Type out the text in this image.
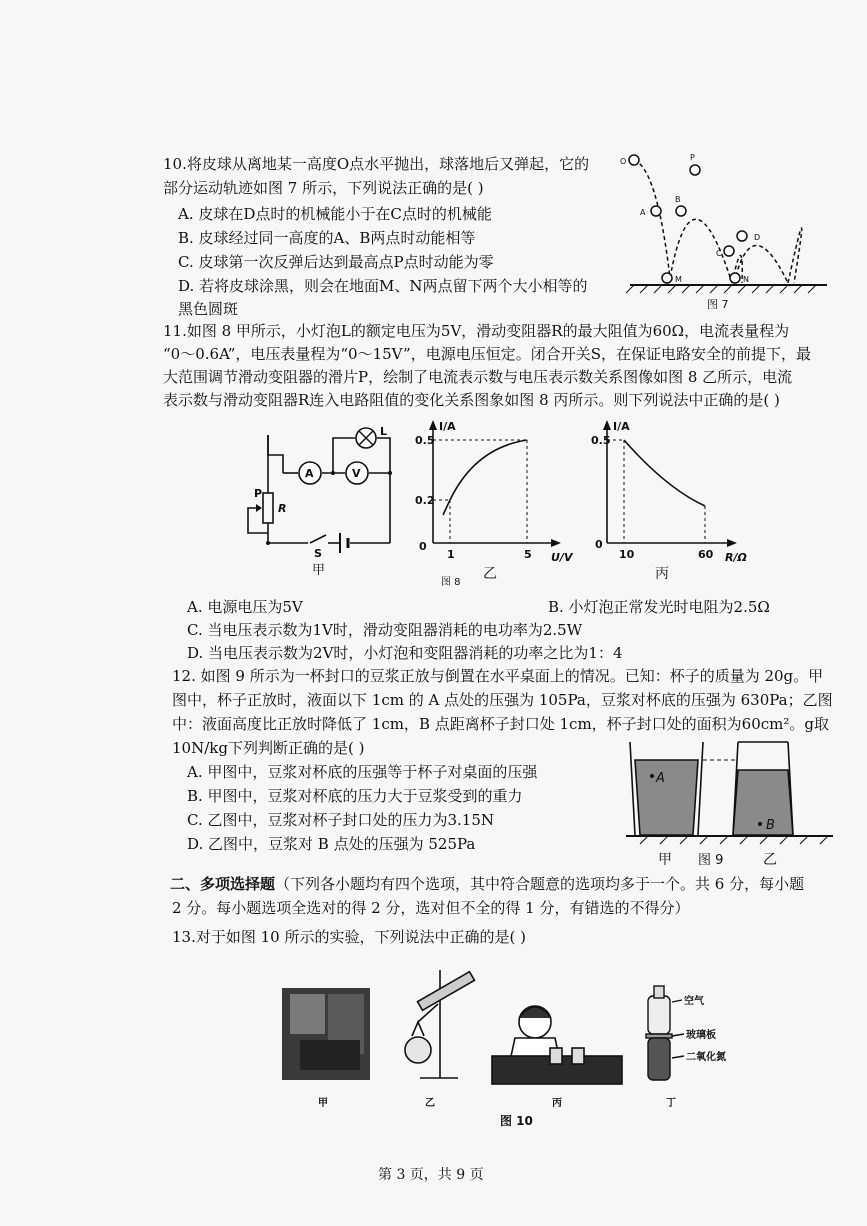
10.将皮球从离地某一高度O点水平抛出，球落地后又弹起，它的
部分运动轨迹如图 7 所示，下列说法正确的是( )
A. 皮球在D点时的机械能小于在C点时的机械能
B. 皮球经过同一高度的A、B两点时动能相等
C. 皮球第一次反弹后达到最高点P点时动能为零
D. 若将皮球涂黑，则会在地面M、N两点留下两个大小相等的
黑色圆斑
O	P
A
B
C
D
M	N
图 7
11.如图 8 甲所示，小灯泡L的额定电压为5V，滑动变阻器R的最大阻值为60Ω，电流表量程为
“0～0.6A”，电压表量程为“0～15V”，电源电压恒定。闭合开关S，在保证电路安全的前提下，最
大范围调节滑动变阻器的滑片P，绘制了电流表示数与电压表示数关系图像如图 8 乙所示，电流
表示数与滑动变阻器R连入电路阻值的变化关系图象如图 8 丙所示。则下列说法中正确的是( )
A	V
L
P
R
S
甲
I/A
U/V
0
0.2
0.5
1	5
乙
图 8
I/A
R/Ω
0
0.5
10	60
丙
A. 电源电压为5V	B. 小灯泡正常发光时电阻为2.5Ω
C. 当电压表示数为1V时，滑动变阻器消耗的电功率为2.5W
D. 当电压表示数为2V时，小灯泡和变阻器消耗的功率之比为1：4
12. 如图 9 所示为一杯封口的豆浆正放与倒置在水平桌面上的情况。已知：杯子的质量为 20g。甲
图中，杯子正放时，液面以下 1cm 的 A 点处的压强为 105Pa，豆浆对杯底的压强为 630Pa；乙图
中：液面高度比正放时降低了 1cm，B 点距离杯子封口处 1cm，杯子封口处的面积为60cm²。g取
10N/kg下列判断正确的是( )
A. 甲图中，豆浆对杯底的压强等于杯子对桌面的压强
B. 甲图中，豆浆对杯底的压力大于豆浆受到的重力
C. 乙图中，豆浆对杯子封口处的压力为3.15N
D. 乙图中，豆浆对 B 点处的压强为 525Pa
A
B
甲 图 9	乙
二、多项选择题（下列各小题均有四个选项，其中符合题意的选项均多于一个。共 6 分，每小题
2 分。每小题选项全选对的得 2 分，选对但不全的得 1 分，有错选的不得分）
13.对于如图 10 所示的实验，下列说法中正确的是( )
空气
玻璃板
二氧化氮
甲	乙	丙	丁
图 10
第 3 页，共 9 页
